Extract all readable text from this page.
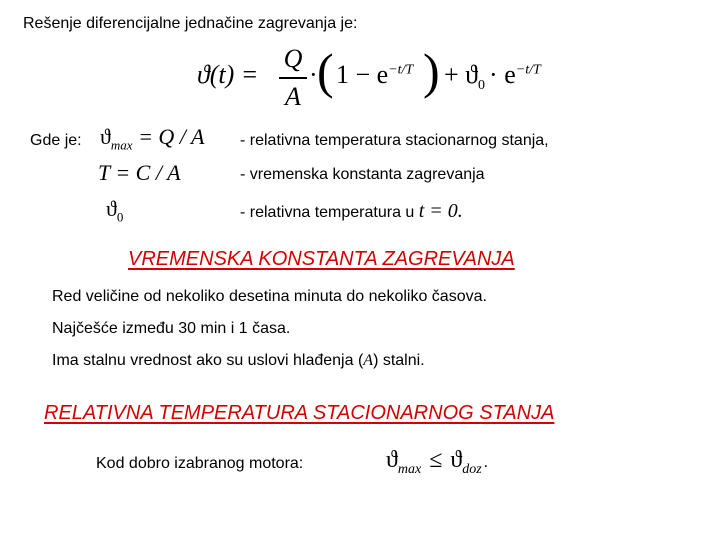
Rešenje diferencijalne jednačine zagrevanja je:
ϑ(t) =
Q
A
· ( $1 - e^{-t/T}$ ) + $ϑ_0 \cdot e^{-t/T}$
Gde je: $ϑ_{max} = Q / A$ - relativna temperatura stacionarnog stanja,
T = C / A	- vremenska konstanta zagrevanja
$ϑ_0$	- relativna temperatura u t = 0.
VREMENSKA KONSTANTA ZAGREVANJA
Red veličine od nekoliko desetina minuta do nekoliko časova.
Najčešće između 30 min i 1 časa.
Ima stalnu vrednost ako su uslovi hlađenja (A) stalni.
RELATIVNA TEMPERATURA STACIONARNOG STANJA
Kod dobro izabranog motora:	$ϑ_{max} \le ϑ_{doz}$ .
